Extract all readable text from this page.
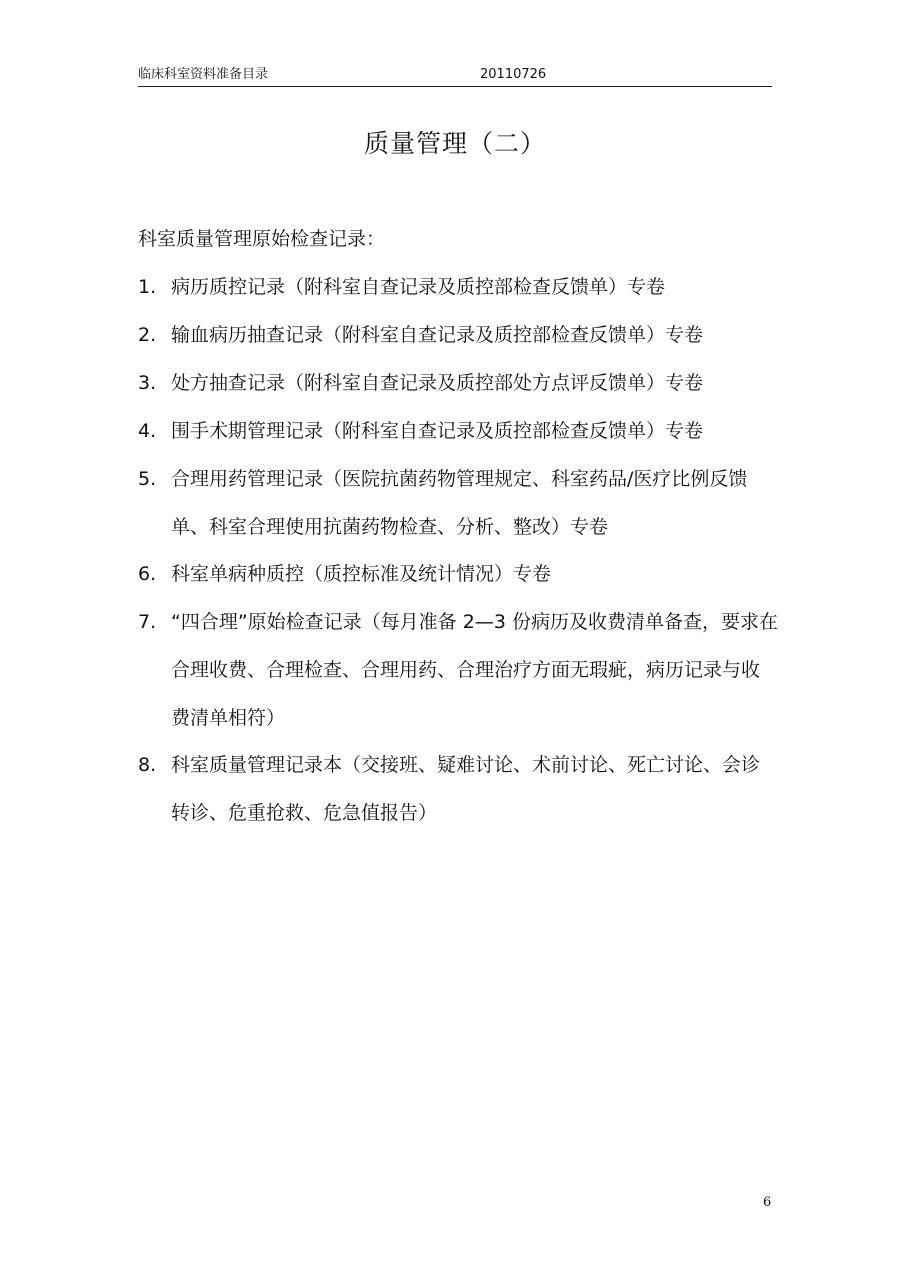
临床科室资料准备目录	20110726
质量管理（二）
科室质量管理原始检查记录：
1. 病历质控记录（附科室自查记录及质控部检查反馈单）专卷
2. 输血病历抽查记录（附科室自查记录及质控部检查反馈单）专卷
3. 处方抽查记录（附科室自查记录及质控部处方点评反馈单）专卷
4. 围手术期管理记录（附科室自查记录及质控部检查反馈单）专卷
5. 合理用药管理记录（医院抗菌药物管理规定、科室药品/医疗比例反馈单、科室合理使用抗菌药物检查、分析、整改）专卷
6. 科室单病种质控（质控标准及统计情况）专卷
7. “四合理”原始检查记录（每月准备 2—3 份病历及收费清单备查，要求在合理收费、合理检查、合理用药、合理治疗方面无瑕疵，病历记录与收费清单相符）
8. 科室质量管理记录本（交接班、疑难讨论、术前讨论、死亡讨论、会诊转诊、危重抢救、危急值报告）
6
